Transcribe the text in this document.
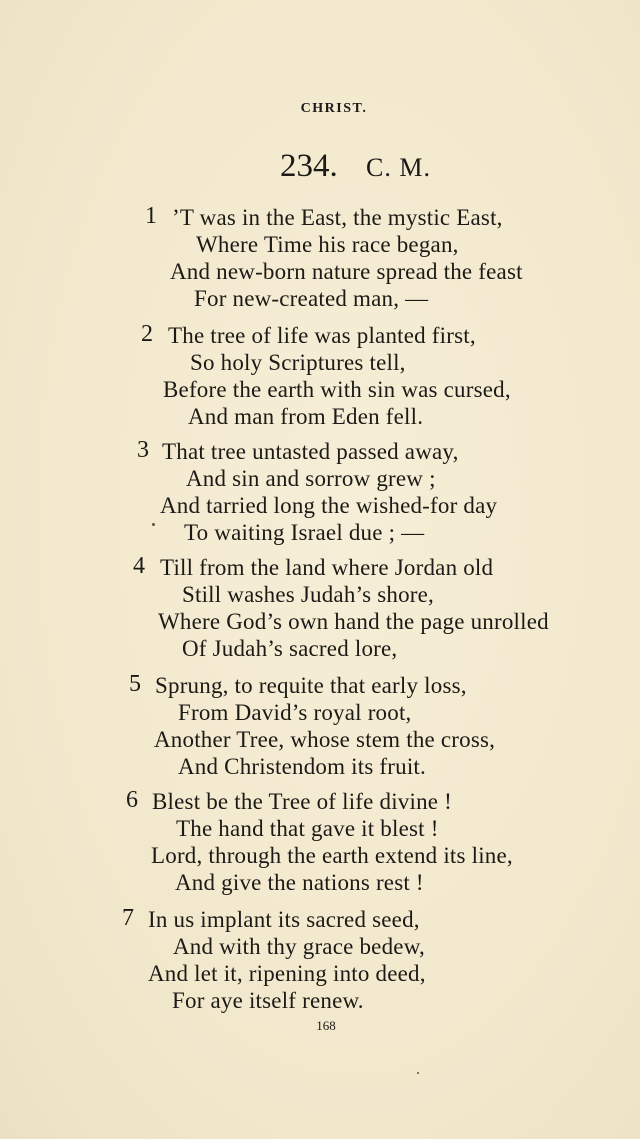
CHRIST.
234. C. M.
1 ’T was in the East, the mystic East,
Where Time his race began,
And new-born nature spread the feast
For new-created man, —
2 The tree of life was planted first,
So holy Scriptures tell,
Before the earth with sin was cursed,
And man from Eden fell.
3 That tree untasted passed away,
And sin and sorrow grew ;
And tarried long the wished-for day
To waiting Israel due ; —
4 Till from the land where Jordan old
Still washes Judah’s shore,
Where God’s own hand the page unrolled
Of Judah’s sacred lore,
5 Sprung, to requite that early loss,
From David’s royal root,
Another Tree, whose stem the cross,
And Christendom its fruit.
6 Blest be the Tree of life divine !
The hand that gave it blest !
Lord, through the earth extend its line,
And give the nations rest !
7 In us implant its sacred seed,
And with thy grace bedew,
And let it, ripening into deed,
For aye itself renew.
168
